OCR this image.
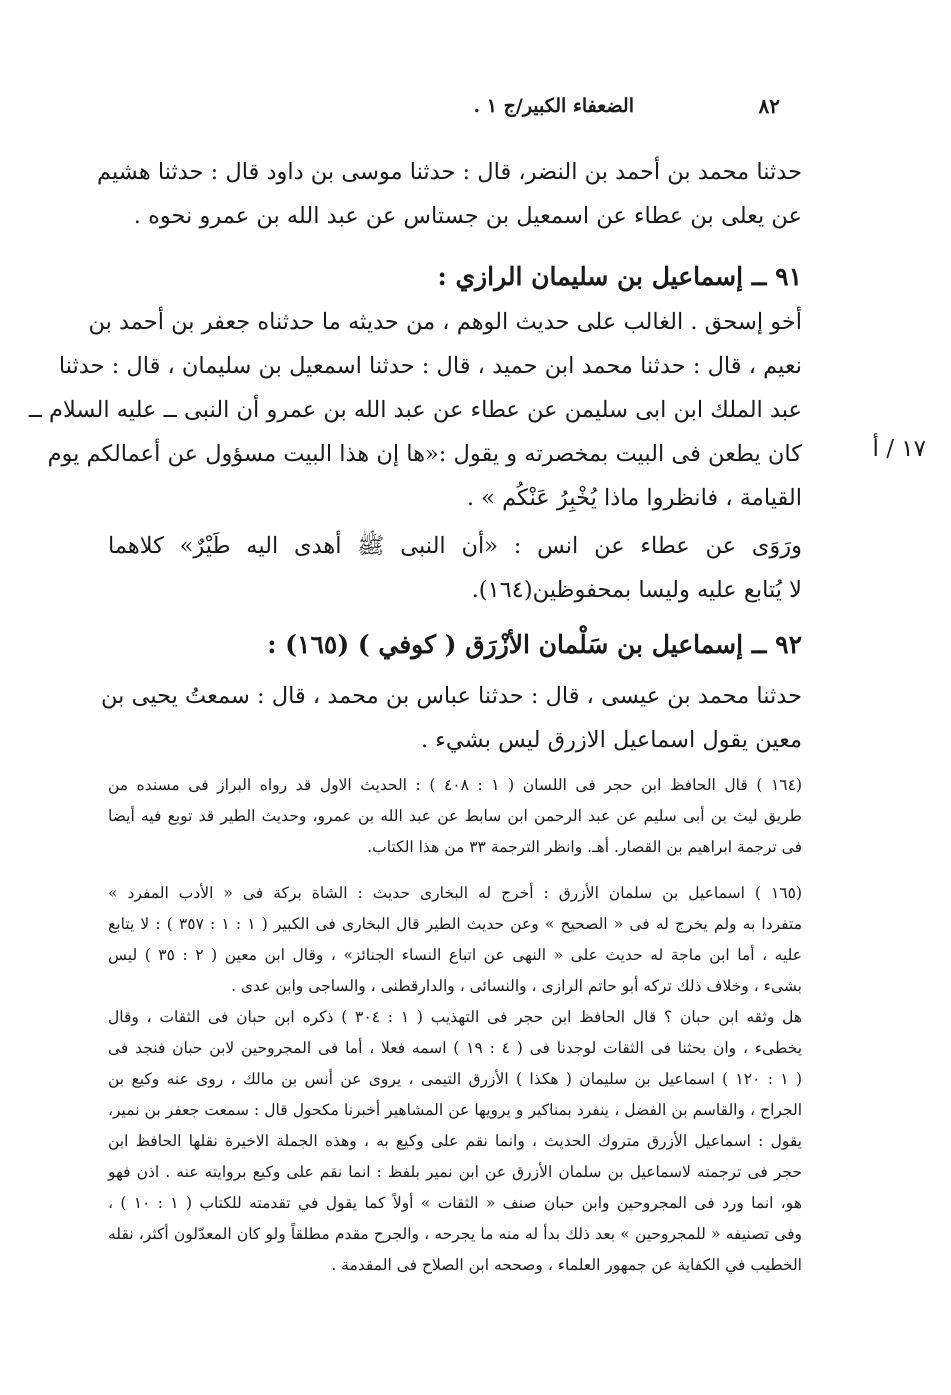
٨٢
الضعفاء الكبير/ج ١ .
١٧ / أ
حدثنا محمد بن أحمد بن النضر، قال : حدثنا موسى بن داود قال : حدثنا هشيم
عن يعلى بن عطاء عن اسمعيل بن جستاس عن عبد الله بن عمرو نحوه .
٩١ ــ إسماعيل بن سليمان الرازي :
أخو إسحق . الغالب على حديث الوهم ، من حديثه ما حدثناه جعفر بن أحمد بن
نعيم ، قال : حدثنا محمد ابن حميد ، قال : حدثنا اسمعيل بن سليمان ، قال : حدثنا
عبد الملك ابن ابى سليمن عن عطاء عن عبد الله بن عمرو أن النبى ــ عليه السلام ــ
كان يطعن فى البيت بمخصرته و يقول :«ها إن هذا البيت مسؤول عن أعمالكم يوم
القيامة ، فانظروا ماذا يُخْبِرُ عَنْكُم » .
ورَوَى عن عطاء عن انس : «أن النبى ﷺ أهدى اليه طَيْرٌ» كلاهما
لا يُتابع عليه وليسا بمحفوظين(١٦٤).
٩٢ ــ إسماعيل بن سَلْمان الأزْرَق ( كوفي ) (١٦٥) :
حدثنا محمد بن عيسى ، قال : حدثنا عباس بن محمد ، قال : سمعتُ يحيى بن
معين يقول اسماعيل الازرق ليس بشيء .
(١٦٤ ) قال الحافظ ابن حجر فى اللسان ( ١ : ٤٠٨ ) : الحديث الاول قد رواه البراز فى مسنده من
طريق ليث بن أبى سليم عن عبد الرحمن ابن سابط عن عبد الله بن عمرو، وحديث الطير قد توبع فيه أيضا
فى ترجمة ابراهيم بن القصار. أهـ. وانظر الترجمة ٣٣ من هذا الكتاب.
(١٦٥ ) اسماعيل بن سلمان الأزرق : أخرج له البخارى حديث : الشاة بركة فى « الأدب المفرد »
متفردا به ولم يخرج له فى « الصحيح » وعن حديث الطير قال البخارى فى الكبير ( ١ : ١ : ٣٥٧ ) : لا يتابع
عليه ، أما ابن ماجة له حديث على « النهى عن اتباع النساء الجنائز» ، وقال ابن معين ( ٢ : ٣٥ ) ليس
بشىء ، وخلاف ذلك تركه أبو حاتم الرازى ، والنسائى ، والدارقطنى ، والساجى وابن عدى .
هل وثقه ابن حبان ؟ قال الحافظ ابن حجر فى التهذيب ( ١ : ٣٠٤ ) ذكره ابن حبان فى الثقات ، وقال
يخطىء ، وان بحثنا فى الثقات لوجدنا فى ( ٤ : ١٩ ) اسمه فعلا ، أما فى المجروحين لابن حبان فنجد فى
( ١ : ١٢٠ ) اسماعيل بن سليمان ( هكذا ) الأزرق التيمى ، يروى عن أنس بن مالك ، روى عنه وكيع بن
الجراح ، والقاسم بن الفضل ، ينفرد بمناكير و يرويها عن المشاهير أخبرنا مكحول قال : سمعت جعفر بن نمير،
يقول : اسماعيل الأزرق متروك الحديث ، وانما نقم على وكيع به ، وهذه الجملة الاخيرة نقلها الحافظ ابن
حجر فى ترجمته لاسماعيل بن سلمان الأزرق عن ابن نمير بلفظ : انما نقم على وكيع بروايته عنه . اذن فهو
هو، انما ورد فى المجروحين وابن حبان صنف « الثقات » أولاً كما يقول في تقدمته للكتاب ( ١ : ١٠ ) ،
وفى تصنيفه « للمجروحين » بعد ذلك بدأ له منه ما يجرحه ، والجرح مقدم مطلقاً ولو كان المعدّلون أكثر، نقله
الخطيب في الكفاية عن جمهور العلماء ، وصححه ابن الصلاح فى المقدمة .
